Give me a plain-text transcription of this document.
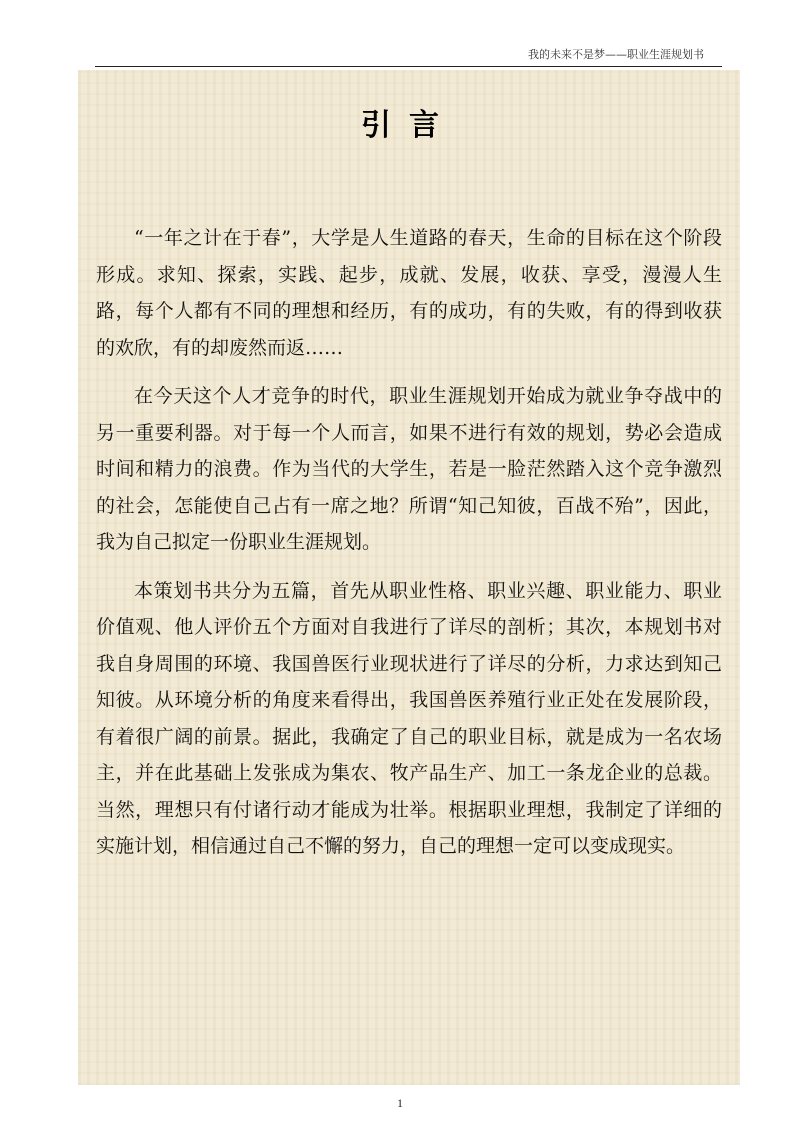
我的未来不是梦——职业生涯规划书
引言

“一年之计在于春”，大学是人生道路的春天，生命的目标在这个阶段形成。求知、探索，实践、起步，成就、发展，收获、享受，漫漫人生路，每个人都有不同的理想和经历，有的成功，有的失败，有的得到收获的欢欣，有的却废然而返……

在今天这个人才竞争的时代，职业生涯规划开始成为就业争夺战中的另一重要利器。对于每一个人而言，如果不进行有效的规划，势必会造成时间和精力的浪费。作为当代的大学生，若是一脸茫然踏入这个竞争激烈的社会，怎能使自己占有一席之地？所谓“知己知彼，百战不殆”，因此，我为自己拟定一份职业生涯规划。

本策划书共分为五篇，首先从职业性格、职业兴趣、职业能力、职业价值观、他人评价五个方面对自我进行了详尽的剖析；其次，本规划书对我自身周围的环境、我国兽医行业现状进行了详尽的分析，力求达到知己知彼。从环境分析的角度来看得出，我国兽医养殖行业正处在发展阶段，有着很广阔的前景。据此，我确定了自己的职业目标，就是成为一名农场主，并在此基础上发张成为集农、牧产品生产、加工一条龙企业的总裁。当然，理想只有付诸行动才能成为壮举。根据职业理想，我制定了详细的实施计划，相信通过自己不懈的努力，自己的理想一定可以变成现实。

1
